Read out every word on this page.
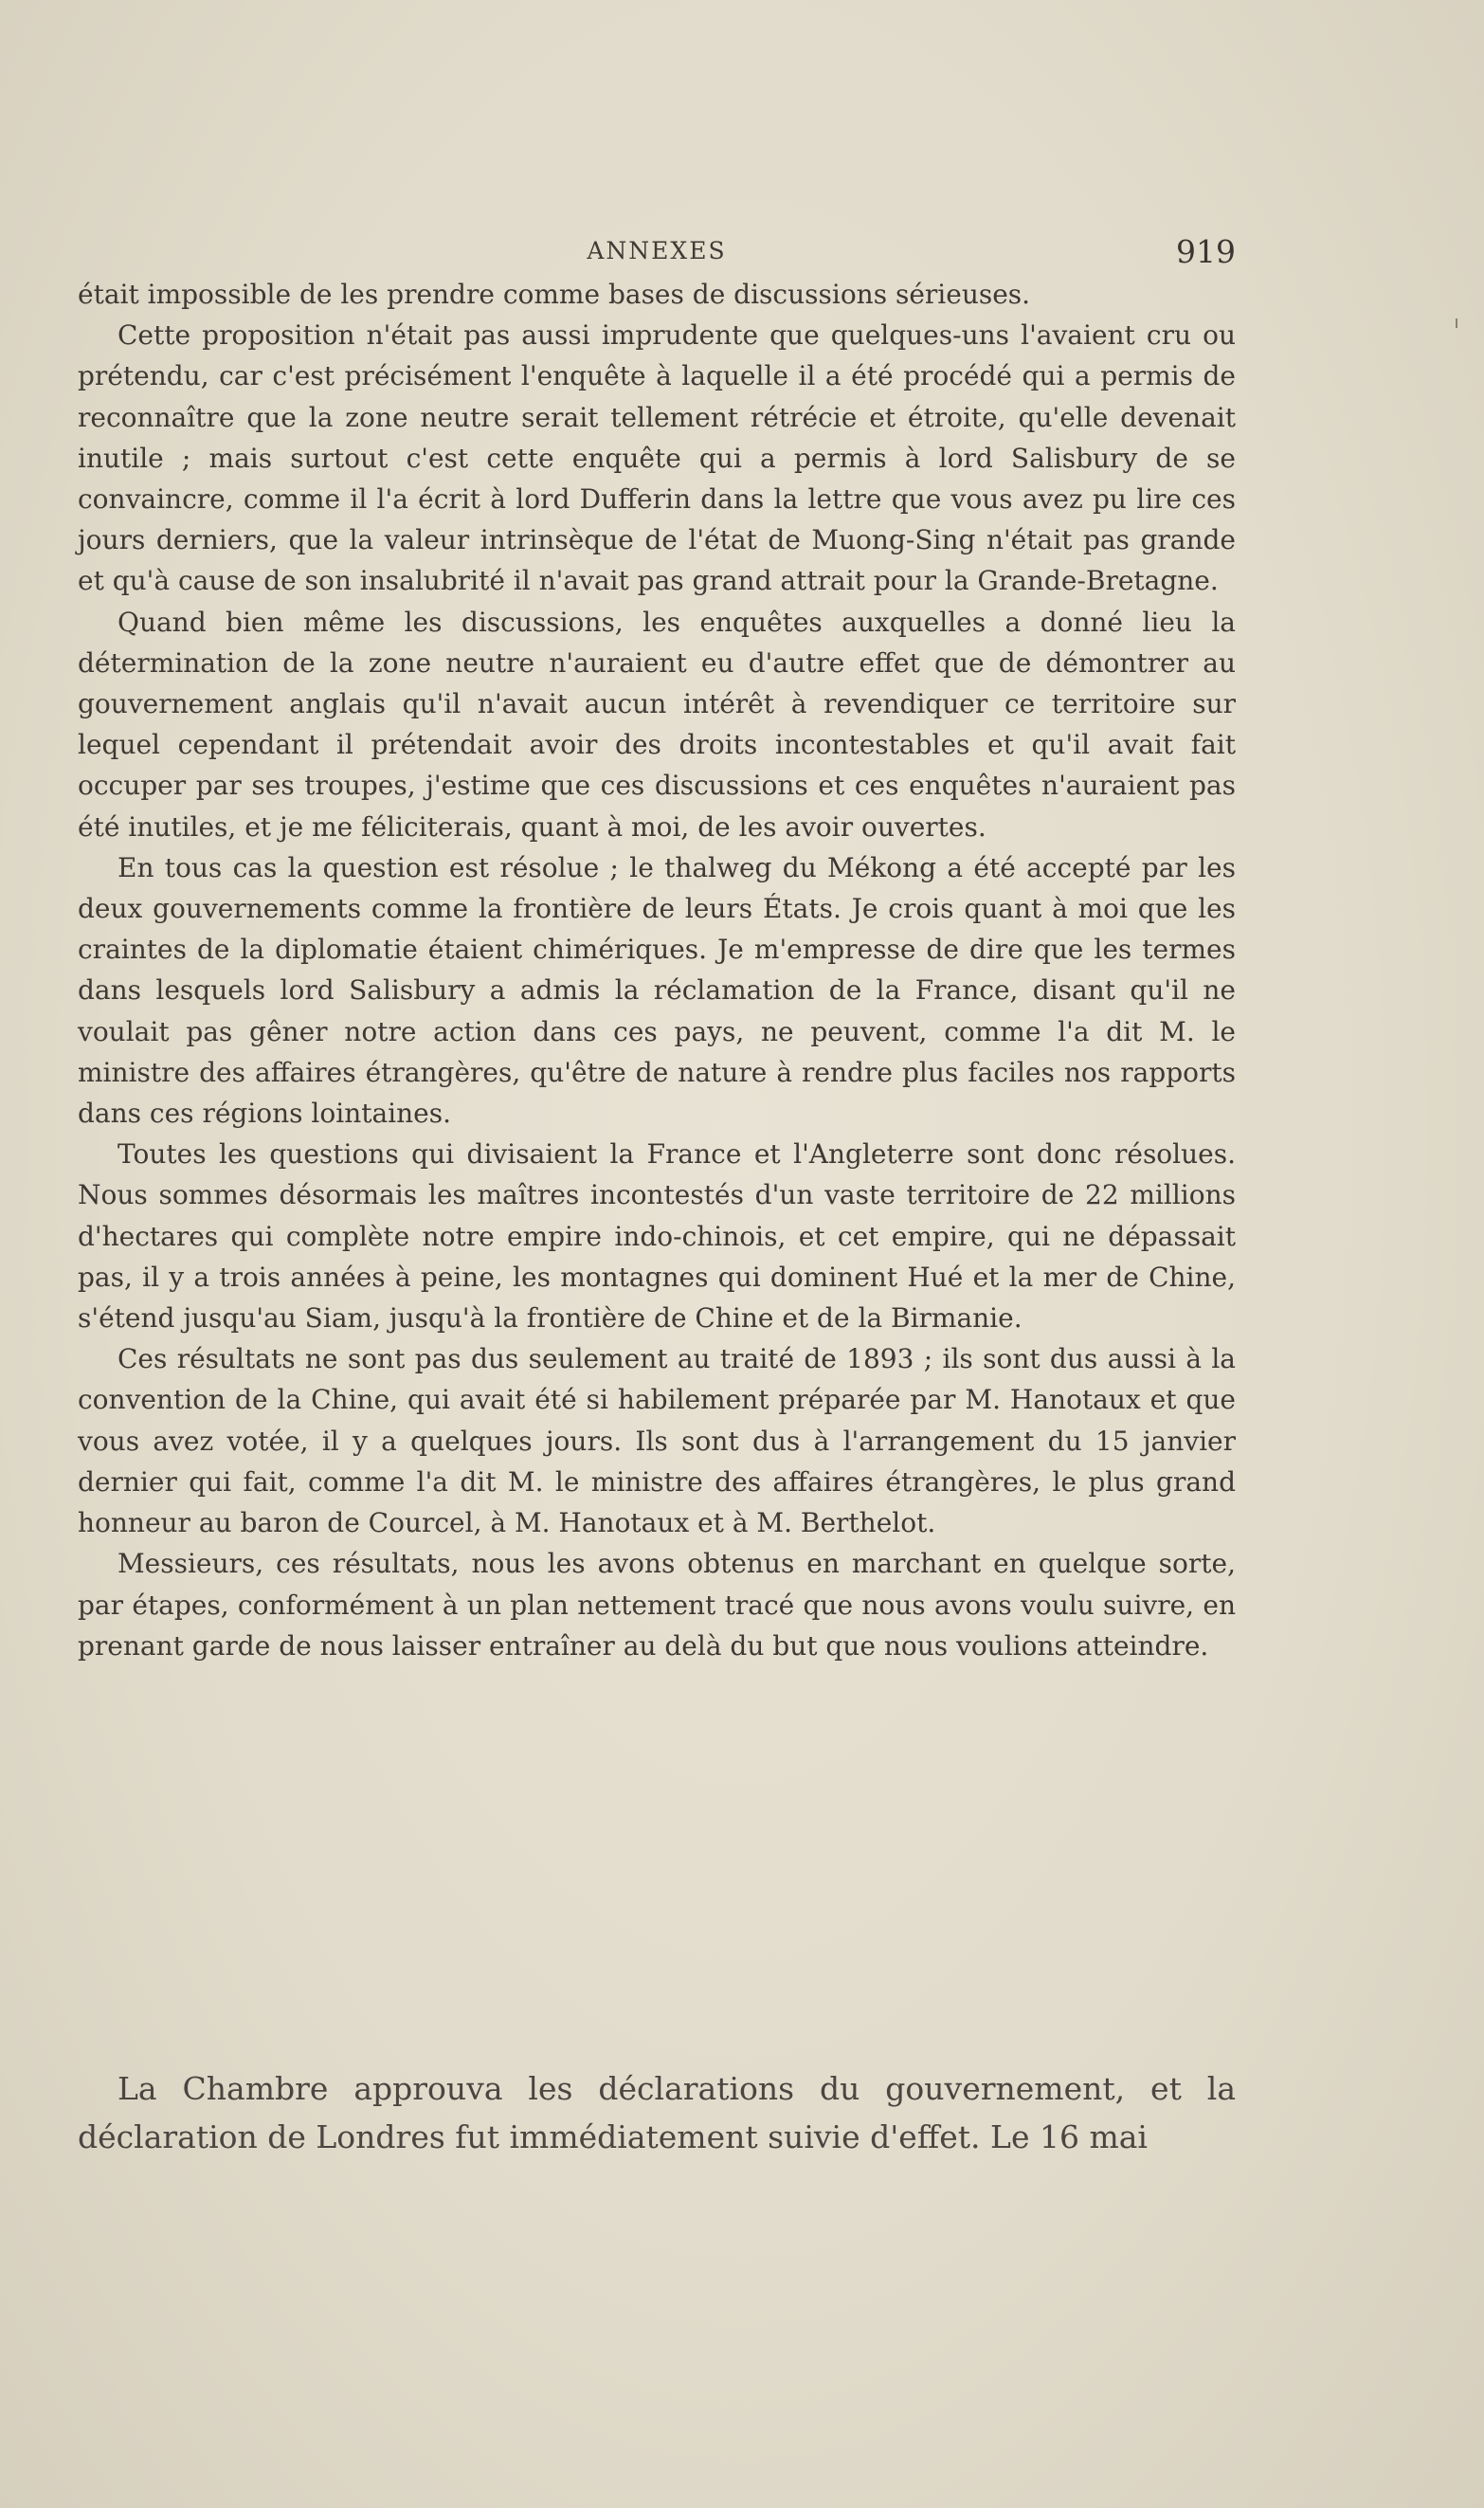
ANNEXES	919

était impossible de les prendre comme bases de discussions sérieuses.

Cette proposition n'était pas aussi imprudente que quelques-uns l'avaient cru ou prétendu, car c'est précisément l'enquête à laquelle il a été procédé qui a permis de reconnaître que la zone neutre serait tellement rétrécie et étroite, qu'elle devenait inutile ; mais surtout c'est cette enquête qui a permis à lord Salisbury de se convaincre, comme il l'a écrit à lord Dufferin dans la lettre que vous avez pu lire ces jours derniers, que la valeur intrinsèque de l'état de Muong-Sing n'était pas grande et qu'à cause de son insalubrité il n'avait pas grand attrait pour la Grande-Bretagne.

Quand bien même les discussions, les enquêtes auxquelles a donné lieu la détermination de la zone neutre n'auraient eu d'autre effet que de démontrer au gouvernement anglais qu'il n'avait aucun intérêt à revendiquer ce territoire sur lequel cependant il prétendait avoir des droits incontestables et qu'il avait fait occuper par ses troupes, j'estime que ces discussions et ces enquêtes n'auraient pas été inutiles, et je me féliciterais, quant à moi, de les avoir ouvertes.

En tous cas la question est résolue ; le thalweg du Mékong a été accepté par les deux gouvernements comme la frontière de leurs États. Je crois quant à moi que les craintes de la diplomatie étaient chimériques. Je m'empresse de dire que les termes dans lesquels lord Salisbury a admis la réclamation de la France, disant qu'il ne voulait pas gêner notre action dans ces pays, ne peuvent, comme l'a dit M. le ministre des affaires étrangères, qu'être de nature à rendre plus faciles nos rapports dans ces régions lointaines.

Toutes les questions qui divisaient la France et l'Angleterre sont donc résolues. Nous sommes désormais les maîtres incontestés d'un vaste territoire de 22 millions d'hectares qui complète notre empire indo-chinois, et cet empire, qui ne dépassait pas, il y a trois années à peine, les montagnes qui dominent Hué et la mer de Chine, s'étend jusqu'au Siam, jusqu'à la frontière de Chine et de la Birmanie.

Ces résultats ne sont pas dus seulement au traité de 1893 ; ils sont dus aussi à la convention de la Chine, qui avait été si habilement préparée par M. Hanotaux et que vous avez votée, il y a quelques jours. Ils sont dus à l'arrangement du 15 janvier dernier qui fait, comme l'a dit M. le ministre des affaires étrangères, le plus grand honneur au baron de Courcel, à M. Hanotaux et à M. Berthelot.

Messieurs, ces résultats, nous les avons obtenus en marchant en quelque sorte, par étapes, conformément à un plan nettement tracé que nous avons voulu suivre, en prenant garde de nous laisser entraîner au delà du but que nous voulions atteindre.

La Chambre approuva les déclarations du gouvernement, et la déclaration de Londres fut immédiatement suivie d'effet. Le 16 mai
